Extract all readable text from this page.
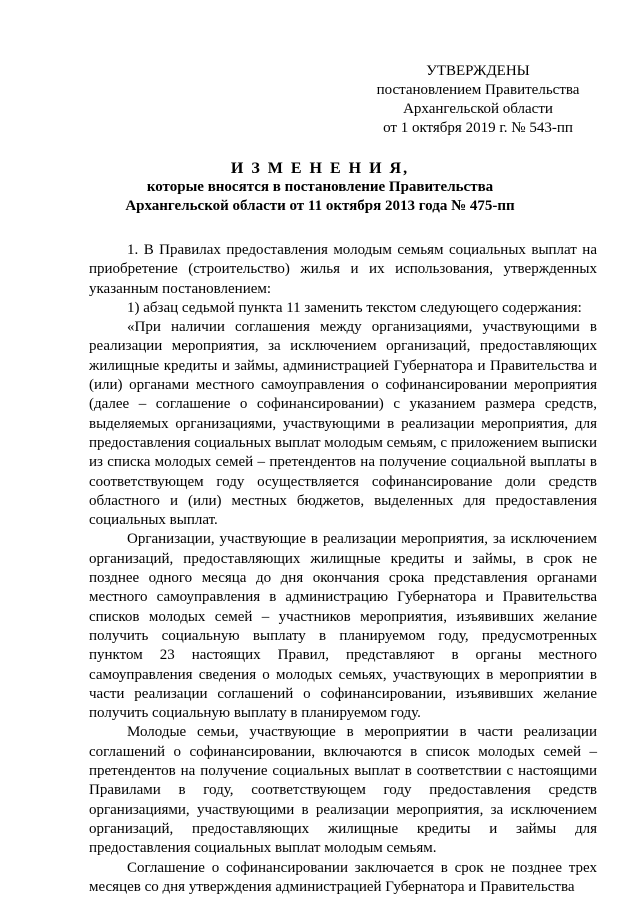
УТВЕРЖДЕНЫ
постановлением Правительства
Архангельской области
от 1 октября 2019 г. № 543-пп
И З М Е Н Е Н И Я,
которые вносятся в постановление Правительства
Архангельской области от 11 октября 2013 года № 475-пп

1. В Правилах предоставления молодым семьям социальных выплат на приобретение (строительство) жилья и их использования, утвержденных указанным постановлением:

1) абзац седьмой пункта 11 заменить текстом следующего содержания:

«При наличии соглашения между организациями, участвующими в реализации мероприятия, за исключением организаций, предоставляющих жилищные кредиты и займы, администрацией Губернатора и Правительства и (или) органами местного самоуправления о софинансировании мероприятия (далее – соглашение о софинансировании) с указанием размера средств, выделяемых организациями, участвующими в реализации мероприятия, для предоставления социальных выплат молодым семьям, с приложением выписки из списка молодых семей – претендентов на получение социальной выплаты в соответствующем году осуществляется софинансирование доли средств областного и (или) местных бюджетов, выделенных для предоставления социальных выплат.

Организации, участвующие в реализации мероприятия, за исключением организаций, предоставляющих жилищные кредиты и займы, в срок не позднее одного месяца до дня окончания срока представления органами местного самоуправления в администрацию Губернатора и Правительства списков молодых семей – участников мероприятия, изъявивших желание получить социальную выплату в планируемом году, предусмотренных пунктом 23 настоящих Правил, представляют в органы местного самоуправления сведения о молодых семьях, участвующих в мероприятии в части реализации соглашений о софинансировании, изъявивших желание получить социальную выплату в планируемом году.

Молодые семьи, участвующие в мероприятии в части реализации соглашений о софинансировании, включаются в список молодых семей – претендентов на получение социальных выплат в соответствии с настоящими Правилами в году, соответствующем году предоставления средств организациями, участвующими в реализации мероприятия, за исключением организаций, предоставляющих жилищные кредиты и займы для предоставления социальных выплат молодым семьям.

Соглашение о софинансировании заключается в срок не позднее трех месяцев со дня утверждения администрацией Губернатора и Правительства
